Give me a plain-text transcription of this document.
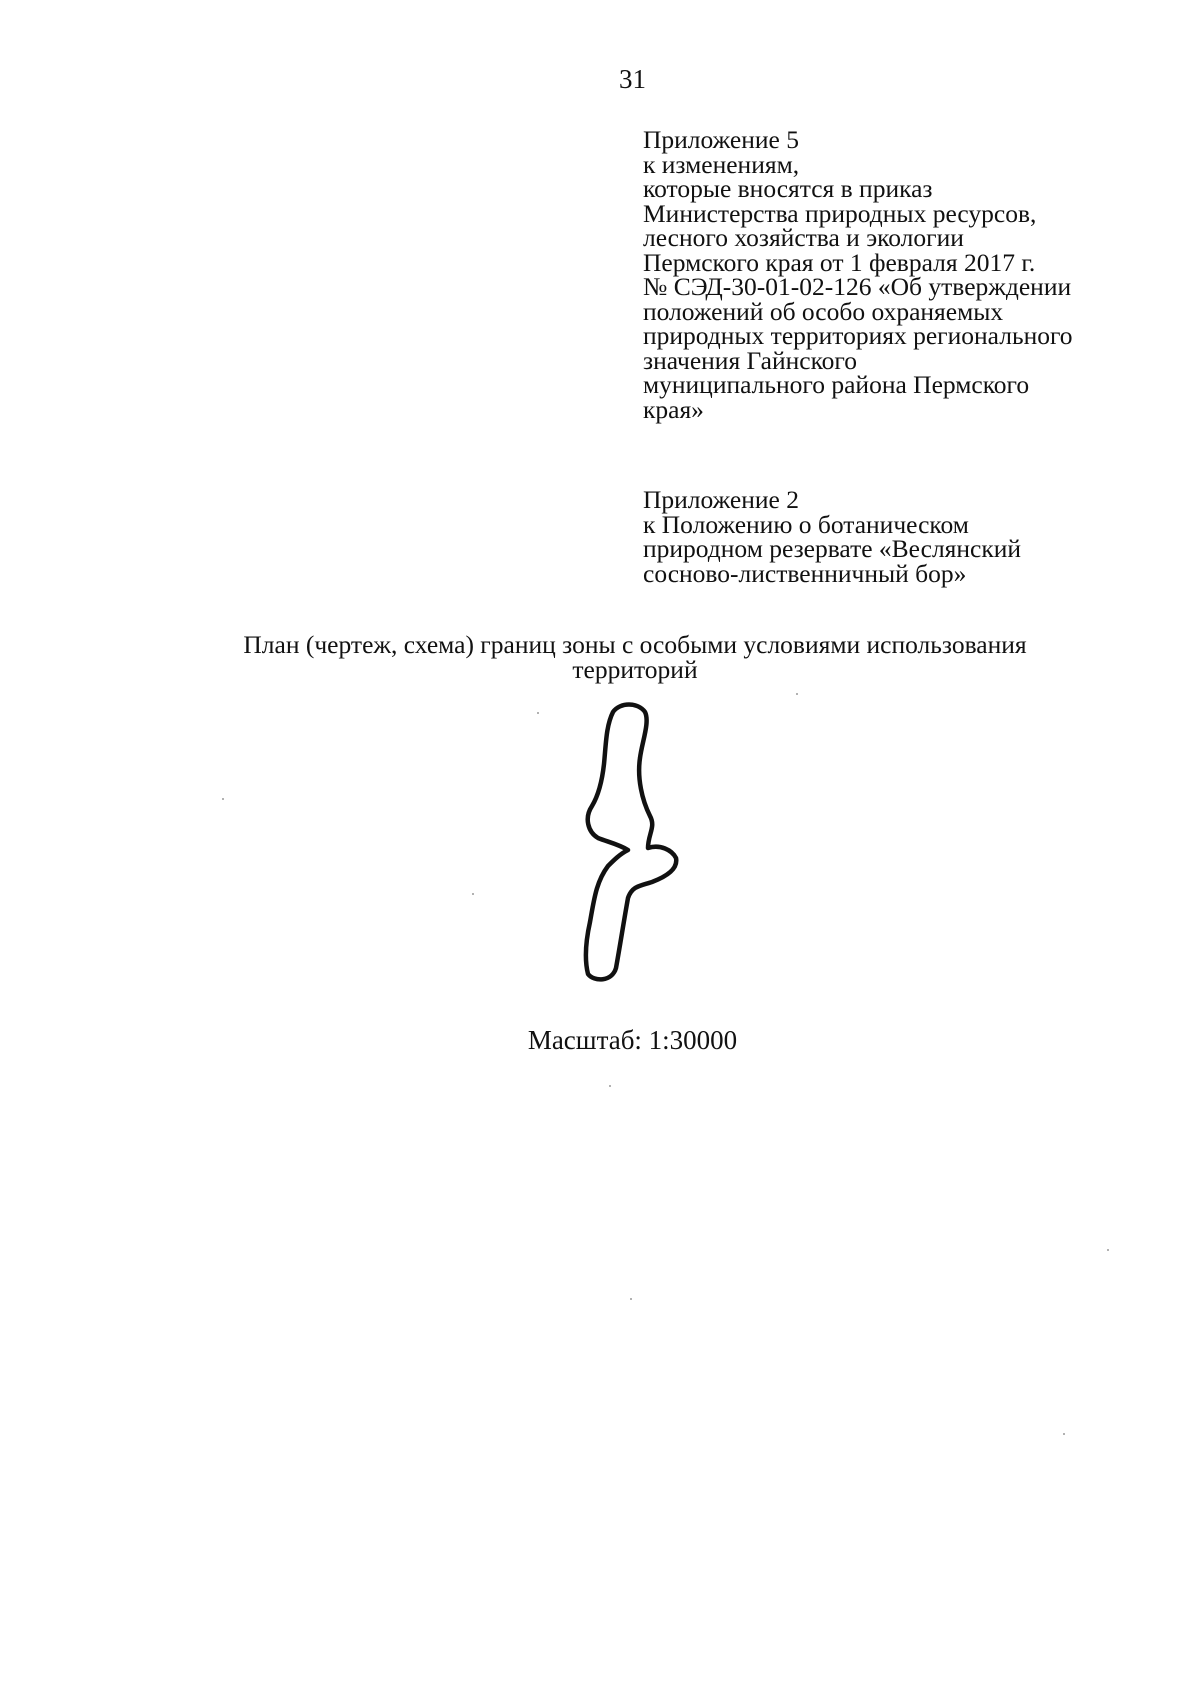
31
Приложение 5
к изменениям,
которые вносятся в приказ
Министерства природных ресурсов,
лесного хозяйства и экологии
Пермского края от 1 февраля 2017 г.
№ СЭД-30-01-02-126 «Об утверждении
положений об особо охраняемых
природных территориях регионального
значения Гайнского
муниципального района Пермского
края»
Приложение 2
к Положению о ботаническом
природном резервате «Веслянский
сосново-лиственничный бор»
План (чертеж, схема) границ зоны с особыми условиями использования
территорий
Масштаб: 1:30000
